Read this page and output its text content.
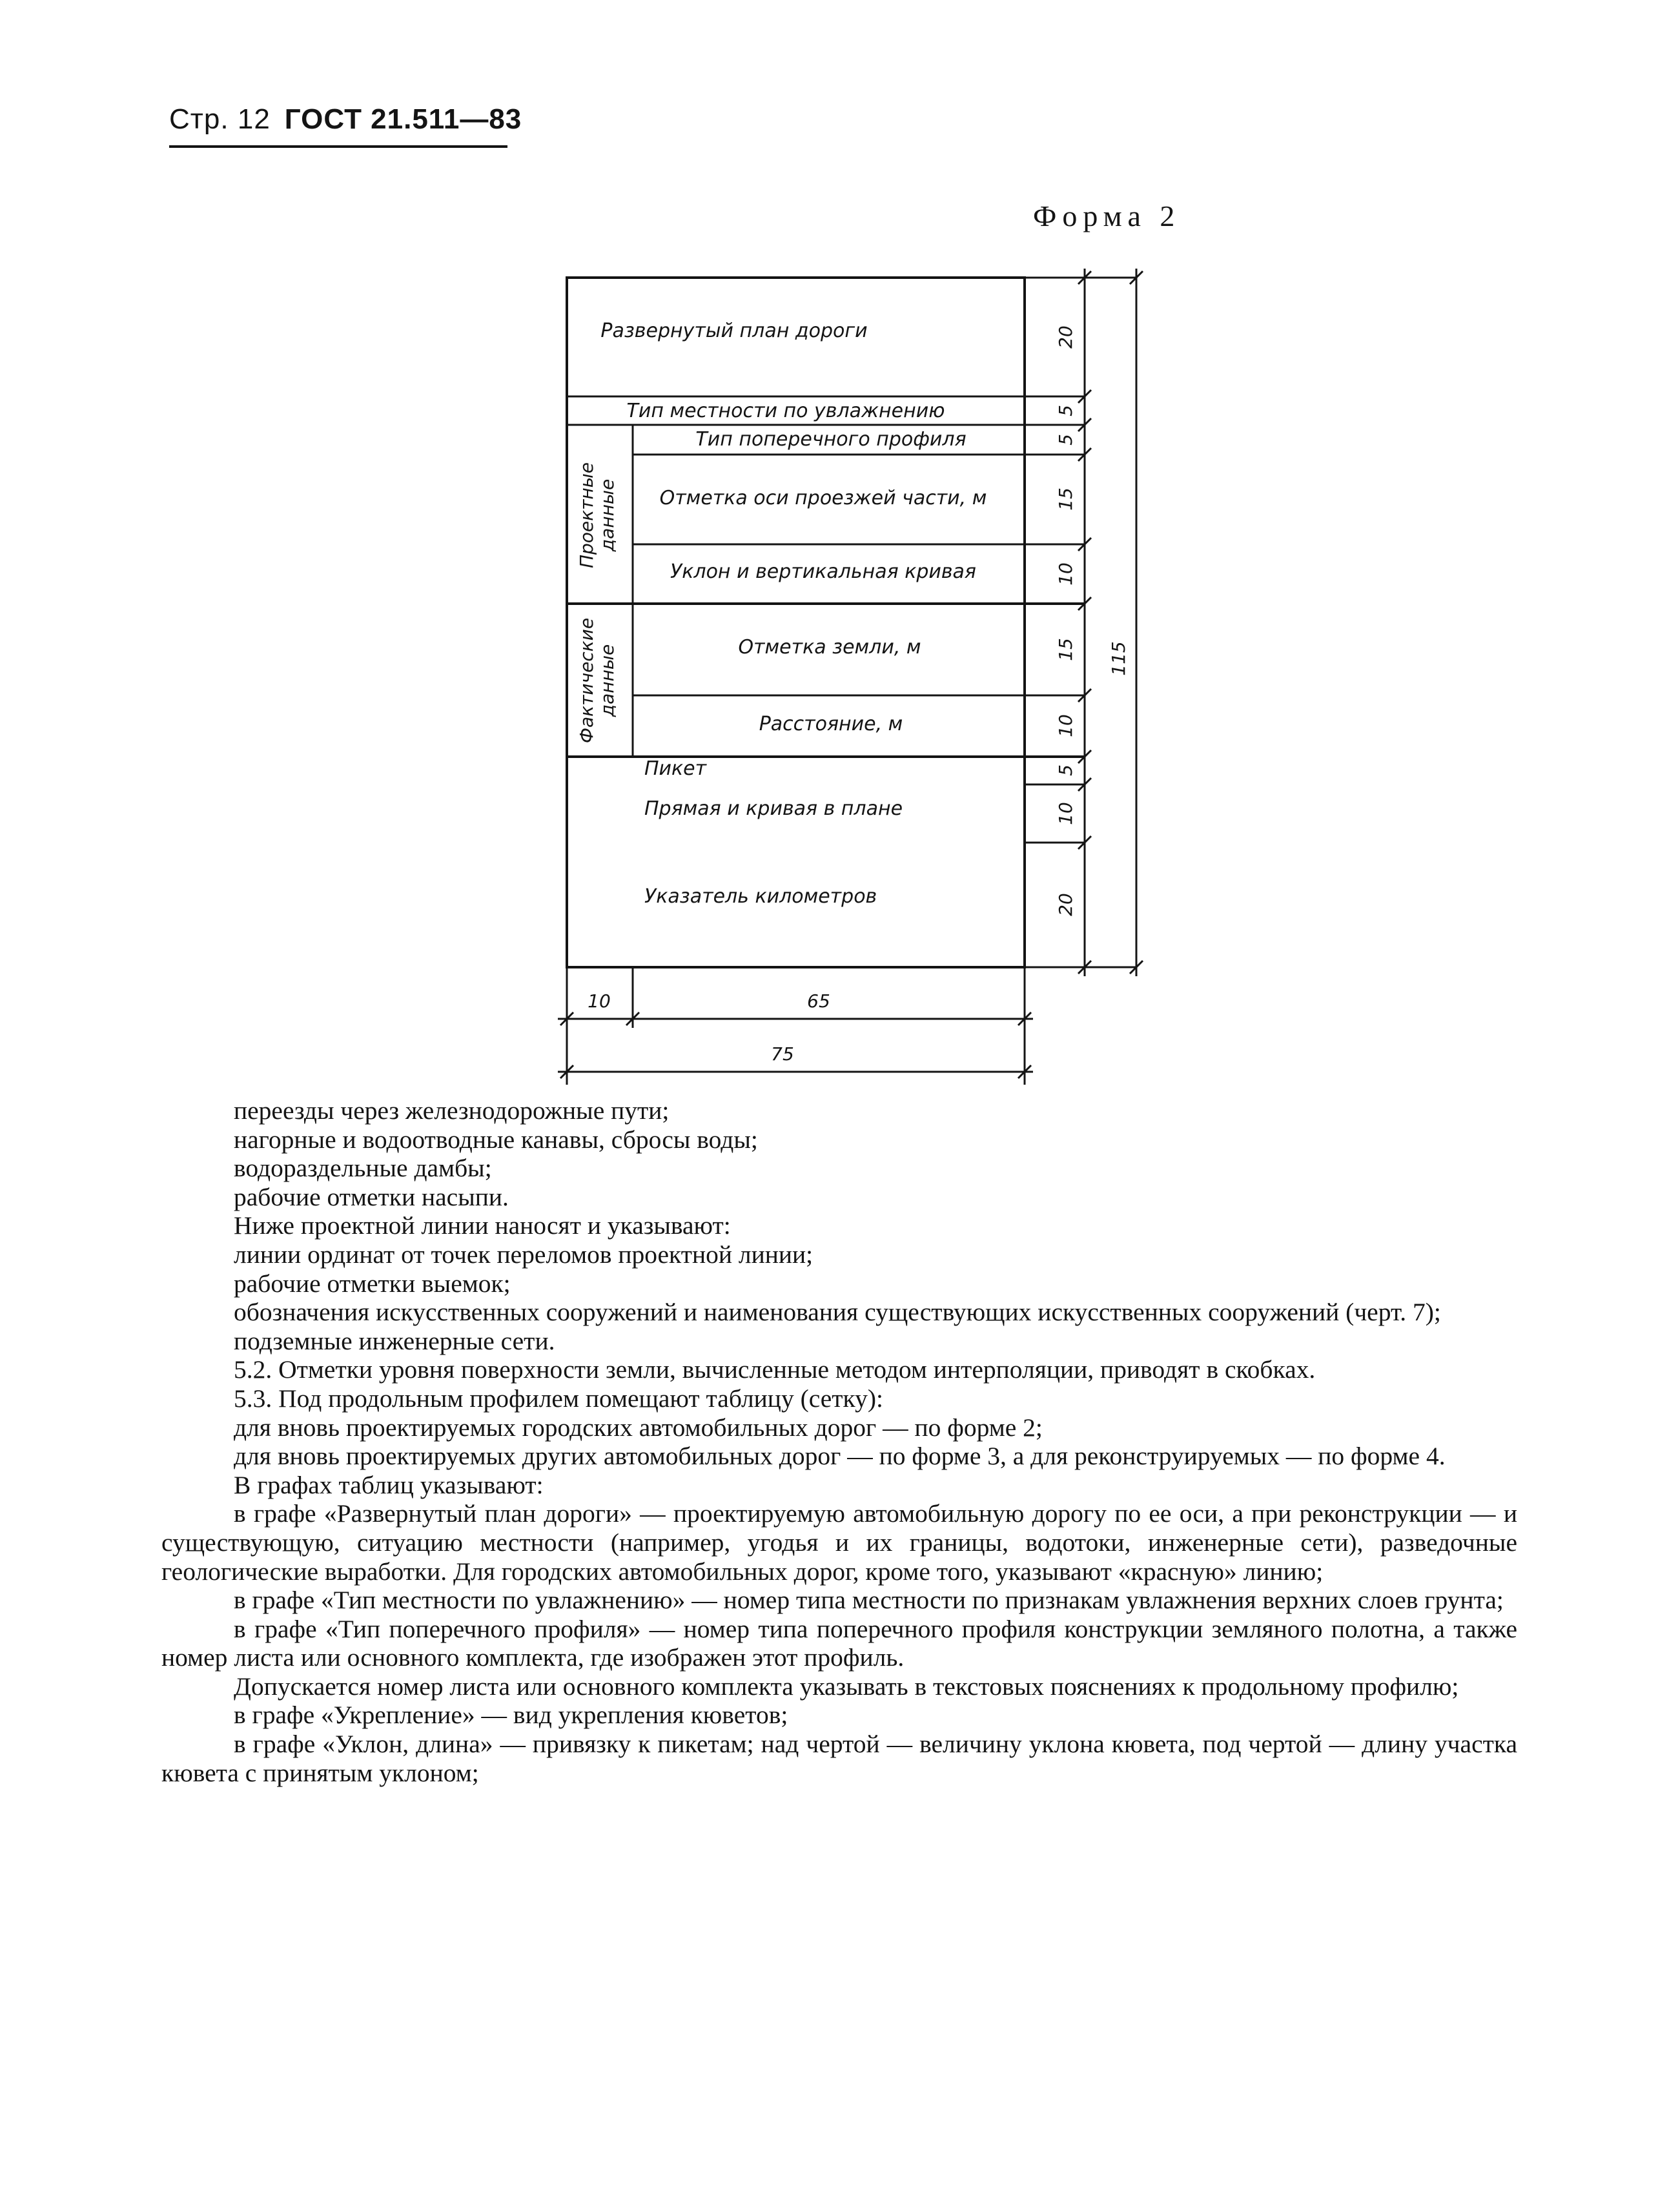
Стр. 12 ГОСТ 21.511—83
Форма 2
Развернутый план дороги
Тип местности по увлажнению
Тип поперечного профиля
Отметка оси проезжей части, м
Уклон и вертикальная кривая
Отметка земли, м
Расстояние, м
Пикет
Прямая и кривая в плане
Указатель километров
Проектные данные
Фактические данные
20
5
5
15
10
15
10
5
10
20
115
10	65
75

переезды через железнодорожные пути;

нагорные и водоотводные канавы, сбросы воды;

водораздельные дамбы;

рабочие отметки насыпи.

Ниже проектной линии наносят и указывают:

линии ординат от точек переломов проектной линии;

рабочие отметки выемок;

обозначения искусственных сооружений и наименования существующих искусственных сооружений (черт. 7);

подземные инженерные сети.

5.2. Отметки уровня поверхности земли, вычисленные методом интерполяции, приводят в скобках.

5.3. Под продольным профилем помещают таблицу (сетку):

для вновь проектируемых городских автомобильных дорог — по форме 2;

для вновь проектируемых других автомобильных дорог — по форме 3, а для реконструируемых — по форме 4.

В графах таблиц указывают:

в графе «Развернутый план дороги» — проектируемую автомобильную дорогу по ее оси, а при реконструкции — и существующую, ситуацию местности (например, угодья и их границы, водотоки, инженерные сети), разведочные геологические выработки. Для городских автомобильных дорог, кроме того, указывают «красную» линию;

в графе «Тип местности по увлажнению» — номер типа местности по признакам увлажнения верхних слоев грунта;

в графе «Тип поперечного профиля» — номер типа поперечного профиля конструкции земляного полотна, а также номер листа или основного комплекта, где изображен этот профиль.

Допускается номер листа или основного комплекта указывать в текстовых пояснениях к продольному профилю;

в графе «Укрепление» — вид укрепления кюветов;

в графе «Уклон, длина» — привязку к пикетам; над чертой — величину уклона кювета, под чертой — длину участка кювета с принятым уклоном;
